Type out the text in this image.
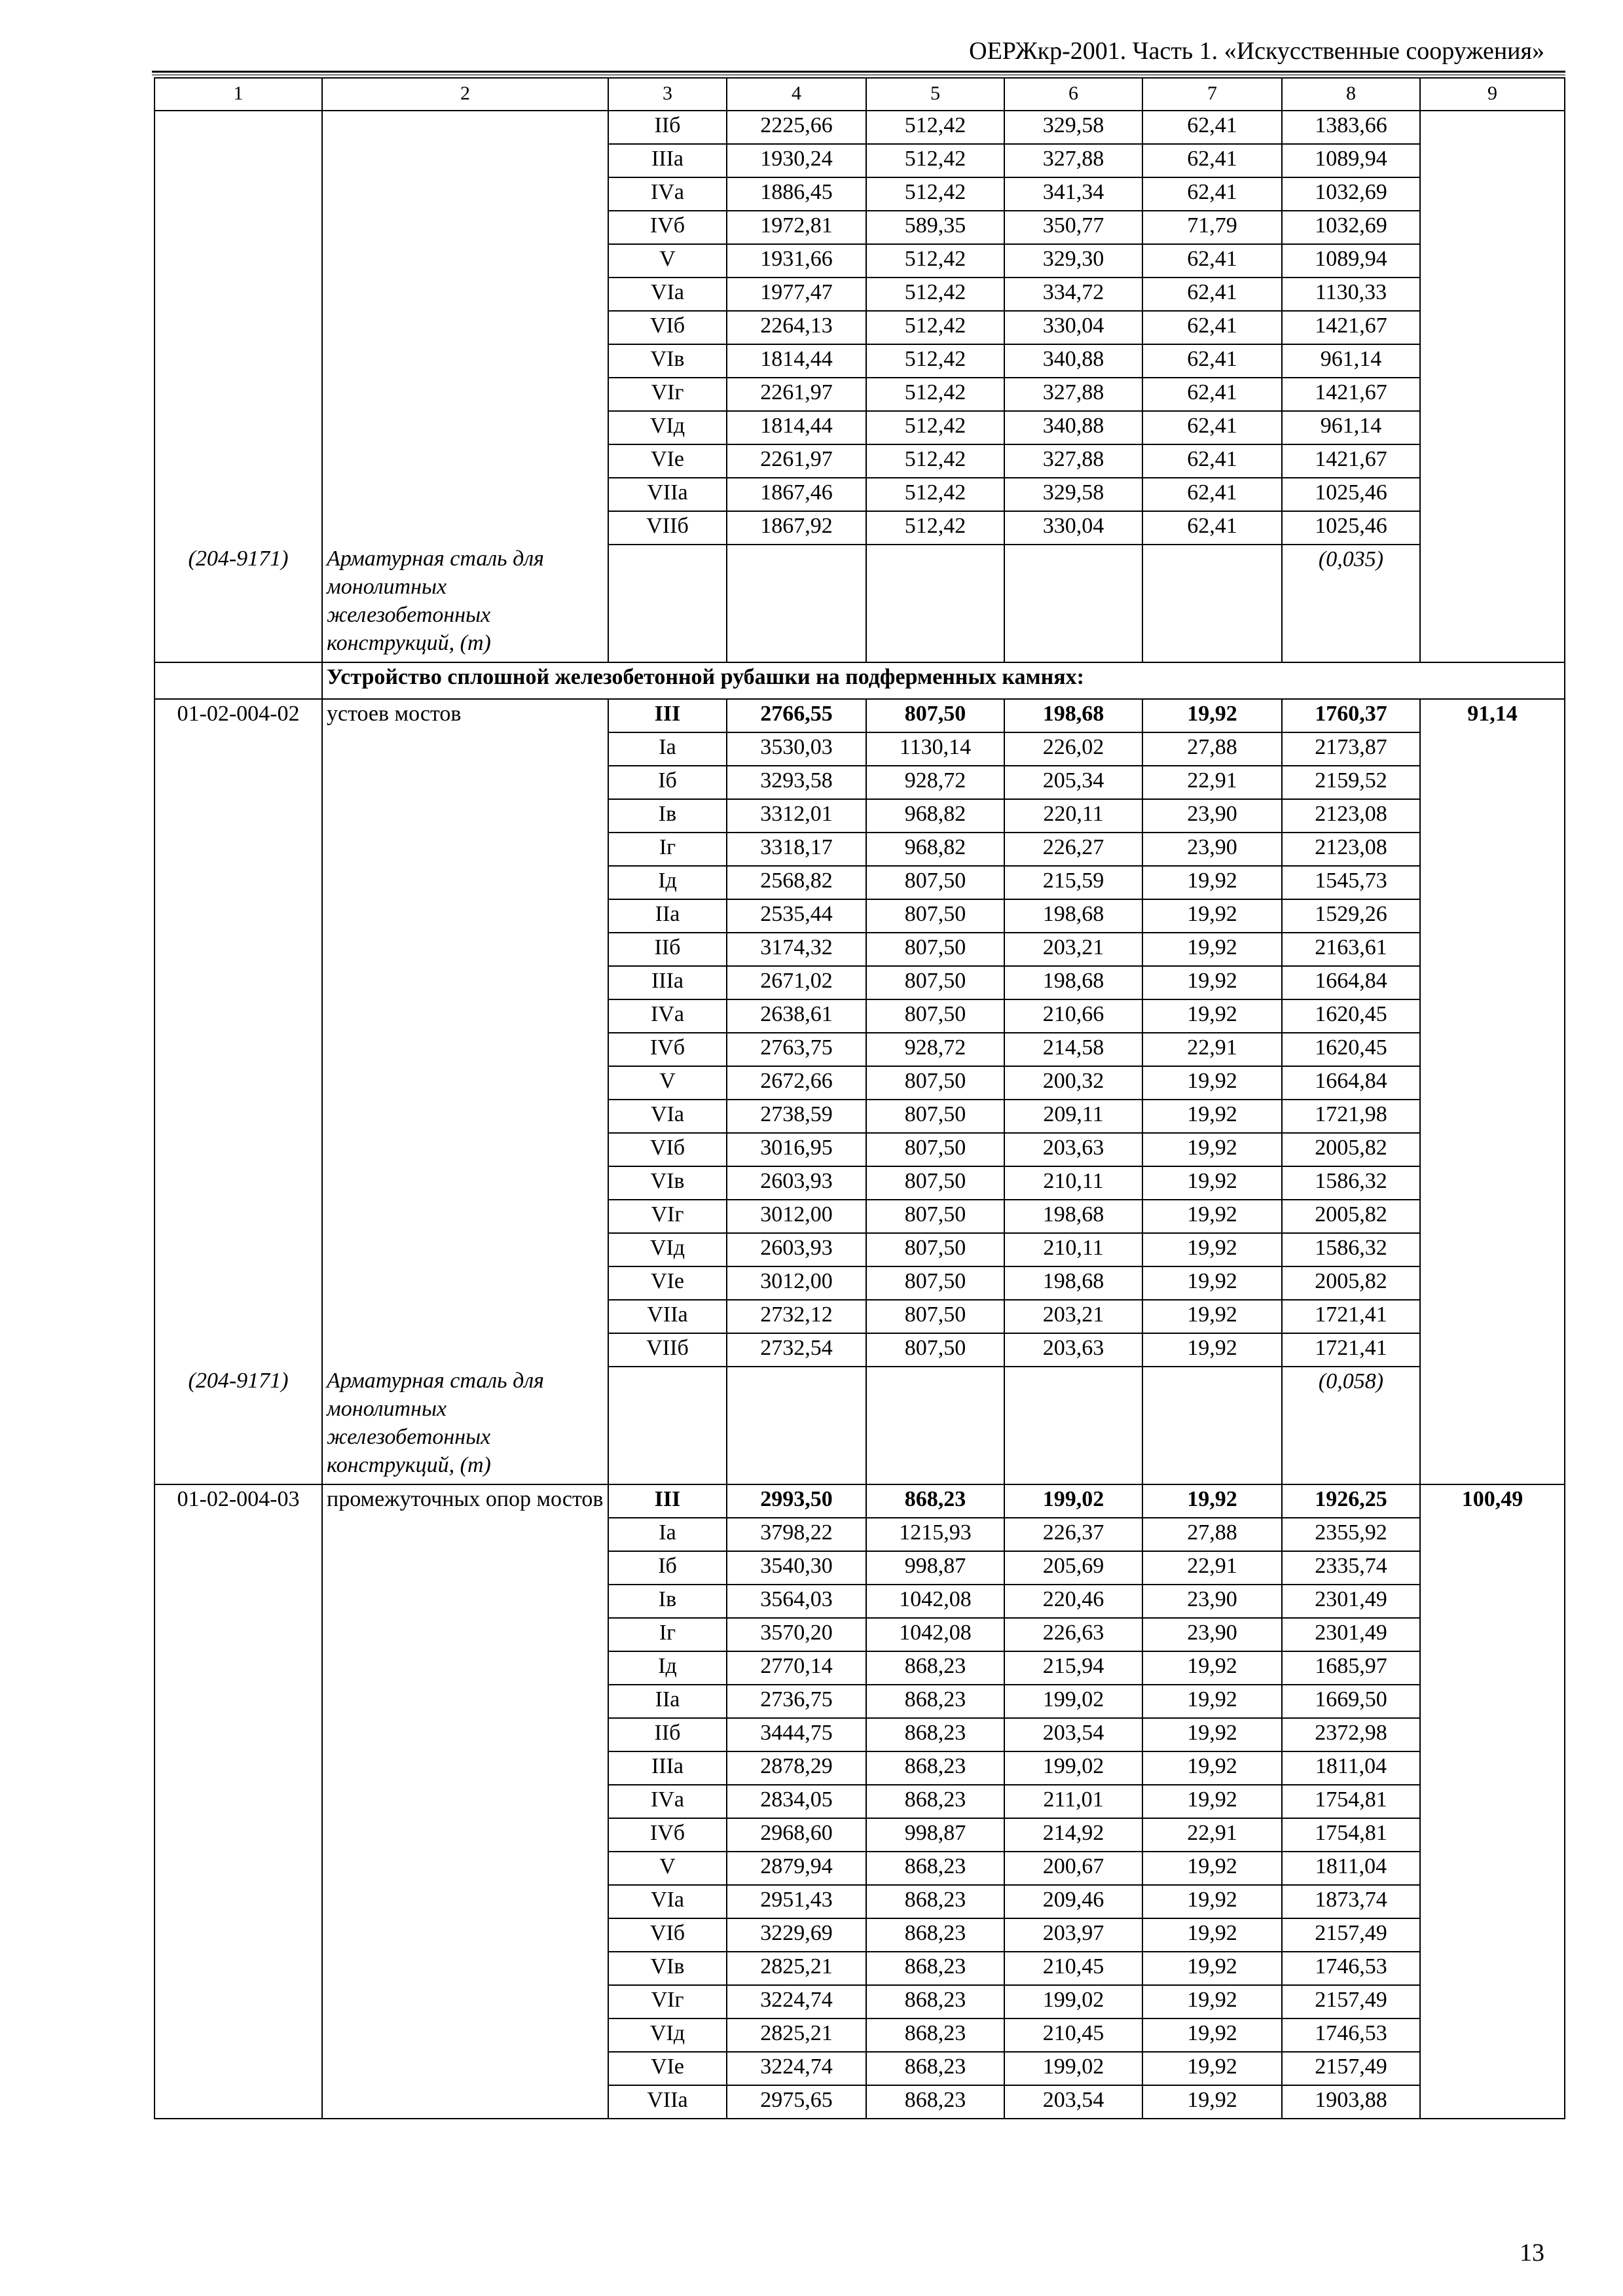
ОЕРЖкр-2001. Часть 1. «Искусственные сооружения»
1	2	3	4	5	6	7	8	9
		IIб	2225,66	512,42	329,58	62,41	1383,66	
		IIIа	1930,24	512,42	327,88	62,41	1089,94	
		IVа	1886,45	512,42	341,34	62,41	1032,69	
		IVб	1972,81	589,35	350,77	71,79	1032,69	
		V	1931,66	512,42	329,30	62,41	1089,94	
		VIа	1977,47	512,42	334,72	62,41	1130,33	
		VIб	2264,13	512,42	330,04	62,41	1421,67	
		VIв	1814,44	512,42	340,88	62,41	961,14	
		VIг	2261,97	512,42	327,88	62,41	1421,67	
		VIд	1814,44	512,42	340,88	62,41	961,14	
		VIе	2261,97	512,42	327,88	62,41	1421,67	
		VIIа	1867,46	512,42	329,58	62,41	1025,46	
		VIIб	1867,92	512,42	330,04	62,41	1025,46	
(204-9171)	Арматурная сталь для монолитных железобетонных конструкций, (т)						(0,035)	
	Устройство сплошной железобетонной рубашки на подферменных камнях:							
01-02-004-02	устоев мостов	III	2766,55	807,50	198,68	19,92	1760,37	91,14
		Iа	3530,03	1130,14	226,02	27,88	2173,87	
		Iб	3293,58	928,72	205,34	22,91	2159,52	
		Iв	3312,01	968,82	220,11	23,90	2123,08	
		Iг	3318,17	968,82	226,27	23,90	2123,08	
		Iд	2568,82	807,50	215,59	19,92	1545,73	
		IIа	2535,44	807,50	198,68	19,92	1529,26	
		IIб	3174,32	807,50	203,21	19,92	2163,61	
		IIIа	2671,02	807,50	198,68	19,92	1664,84	
		IVа	2638,61	807,50	210,66	19,92	1620,45	
		IVб	2763,75	928,72	214,58	22,91	1620,45	
		V	2672,66	807,50	200,32	19,92	1664,84	
		VIа	2738,59	807,50	209,11	19,92	1721,98	
		VIб	3016,95	807,50	203,63	19,92	2005,82	
		VIв	2603,93	807,50	210,11	19,92	1586,32	
		VIг	3012,00	807,50	198,68	19,92	2005,82	
		VIд	2603,93	807,50	210,11	19,92	1586,32	
		VIе	3012,00	807,50	198,68	19,92	2005,82	
		VIIа	2732,12	807,50	203,21	19,92	1721,41	
		VIIб	2732,54	807,50	203,63	19,92	1721,41	
(204-9171)	Арматурная сталь для монолитных железобетонных конструкций, (т)						(0,058)	
01-02-004-03	промежуточных опор мостов	III	2993,50	868,23	199,02	19,92	1926,25	100,49
		Iа	3798,22	1215,93	226,37	27,88	2355,92	
		Iб	3540,30	998,87	205,69	22,91	2335,74	
		Iв	3564,03	1042,08	220,46	23,90	2301,49	
		Iг	3570,20	1042,08	226,63	23,90	2301,49	
		Iд	2770,14	868,23	215,94	19,92	1685,97	
		IIа	2736,75	868,23	199,02	19,92	1669,50	
		IIб	3444,75	868,23	203,54	19,92	2372,98	
		IIIа	2878,29	868,23	199,02	19,92	1811,04	
		IVа	2834,05	868,23	211,01	19,92	1754,81	
		IVб	2968,60	998,87	214,92	22,91	1754,81	
		V	2879,94	868,23	200,67	19,92	1811,04	
		VIа	2951,43	868,23	209,46	19,92	1873,74	
		VIб	3229,69	868,23	203,97	19,92	2157,49	
		VIв	2825,21	868,23	210,45	19,92	1746,53	
		VIг	3224,74	868,23	199,02	19,92	2157,49	
		VIд	2825,21	868,23	210,45	19,92	1746,53	
		VIе	3224,74	868,23	199,02	19,92	2157,49	
		VIIа	2975,65	868,23	203,54	19,92	1903,88	
13
